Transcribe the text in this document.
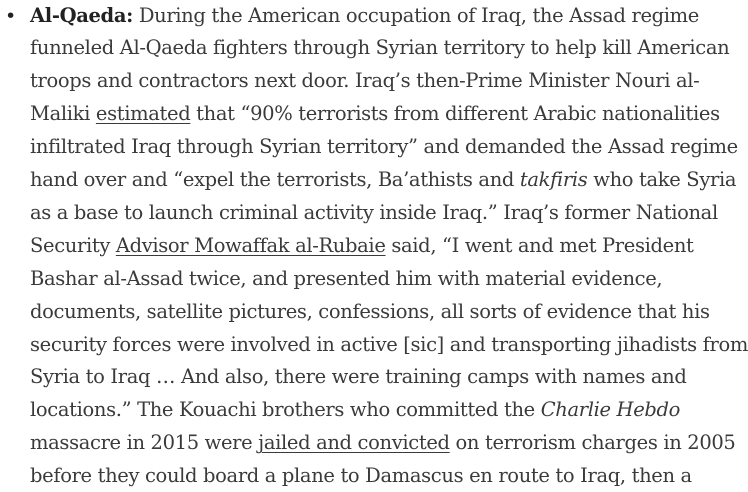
• Al-Qaeda: During the American occupation of Iraq, the Assad regime
funneled Al-Qaeda fighters through Syrian territory to help kill American
troops and contractors next door. Iraq’s then-Prime Minister Nouri al-
Maliki estimated that “90% terrorists from different Arabic nationalities
infiltrated Iraq through Syrian territory” and demanded the Assad regime
hand over and “expel the terrorists, Ba’athists and takfiris who take Syria
as a base to launch criminal activity inside Iraq.” Iraq’s former National
Security Advisor Mowaffak al-Rubaie said, “I went and met President
Bashar al-Assad twice, and presented him with material evidence,
documents, satellite pictures, confessions, all sorts of evidence that his
security forces were involved in active [sic] and transporting jihadists from
Syria to Iraq … And also, there were training camps with names and
locations.” The Kouachi brothers who committed the Charlie Hebdo
massacre in 2015 were jailed and convicted on terrorism charges in 2005
before they could board a plane to Damascus en route to Iraq, then a
